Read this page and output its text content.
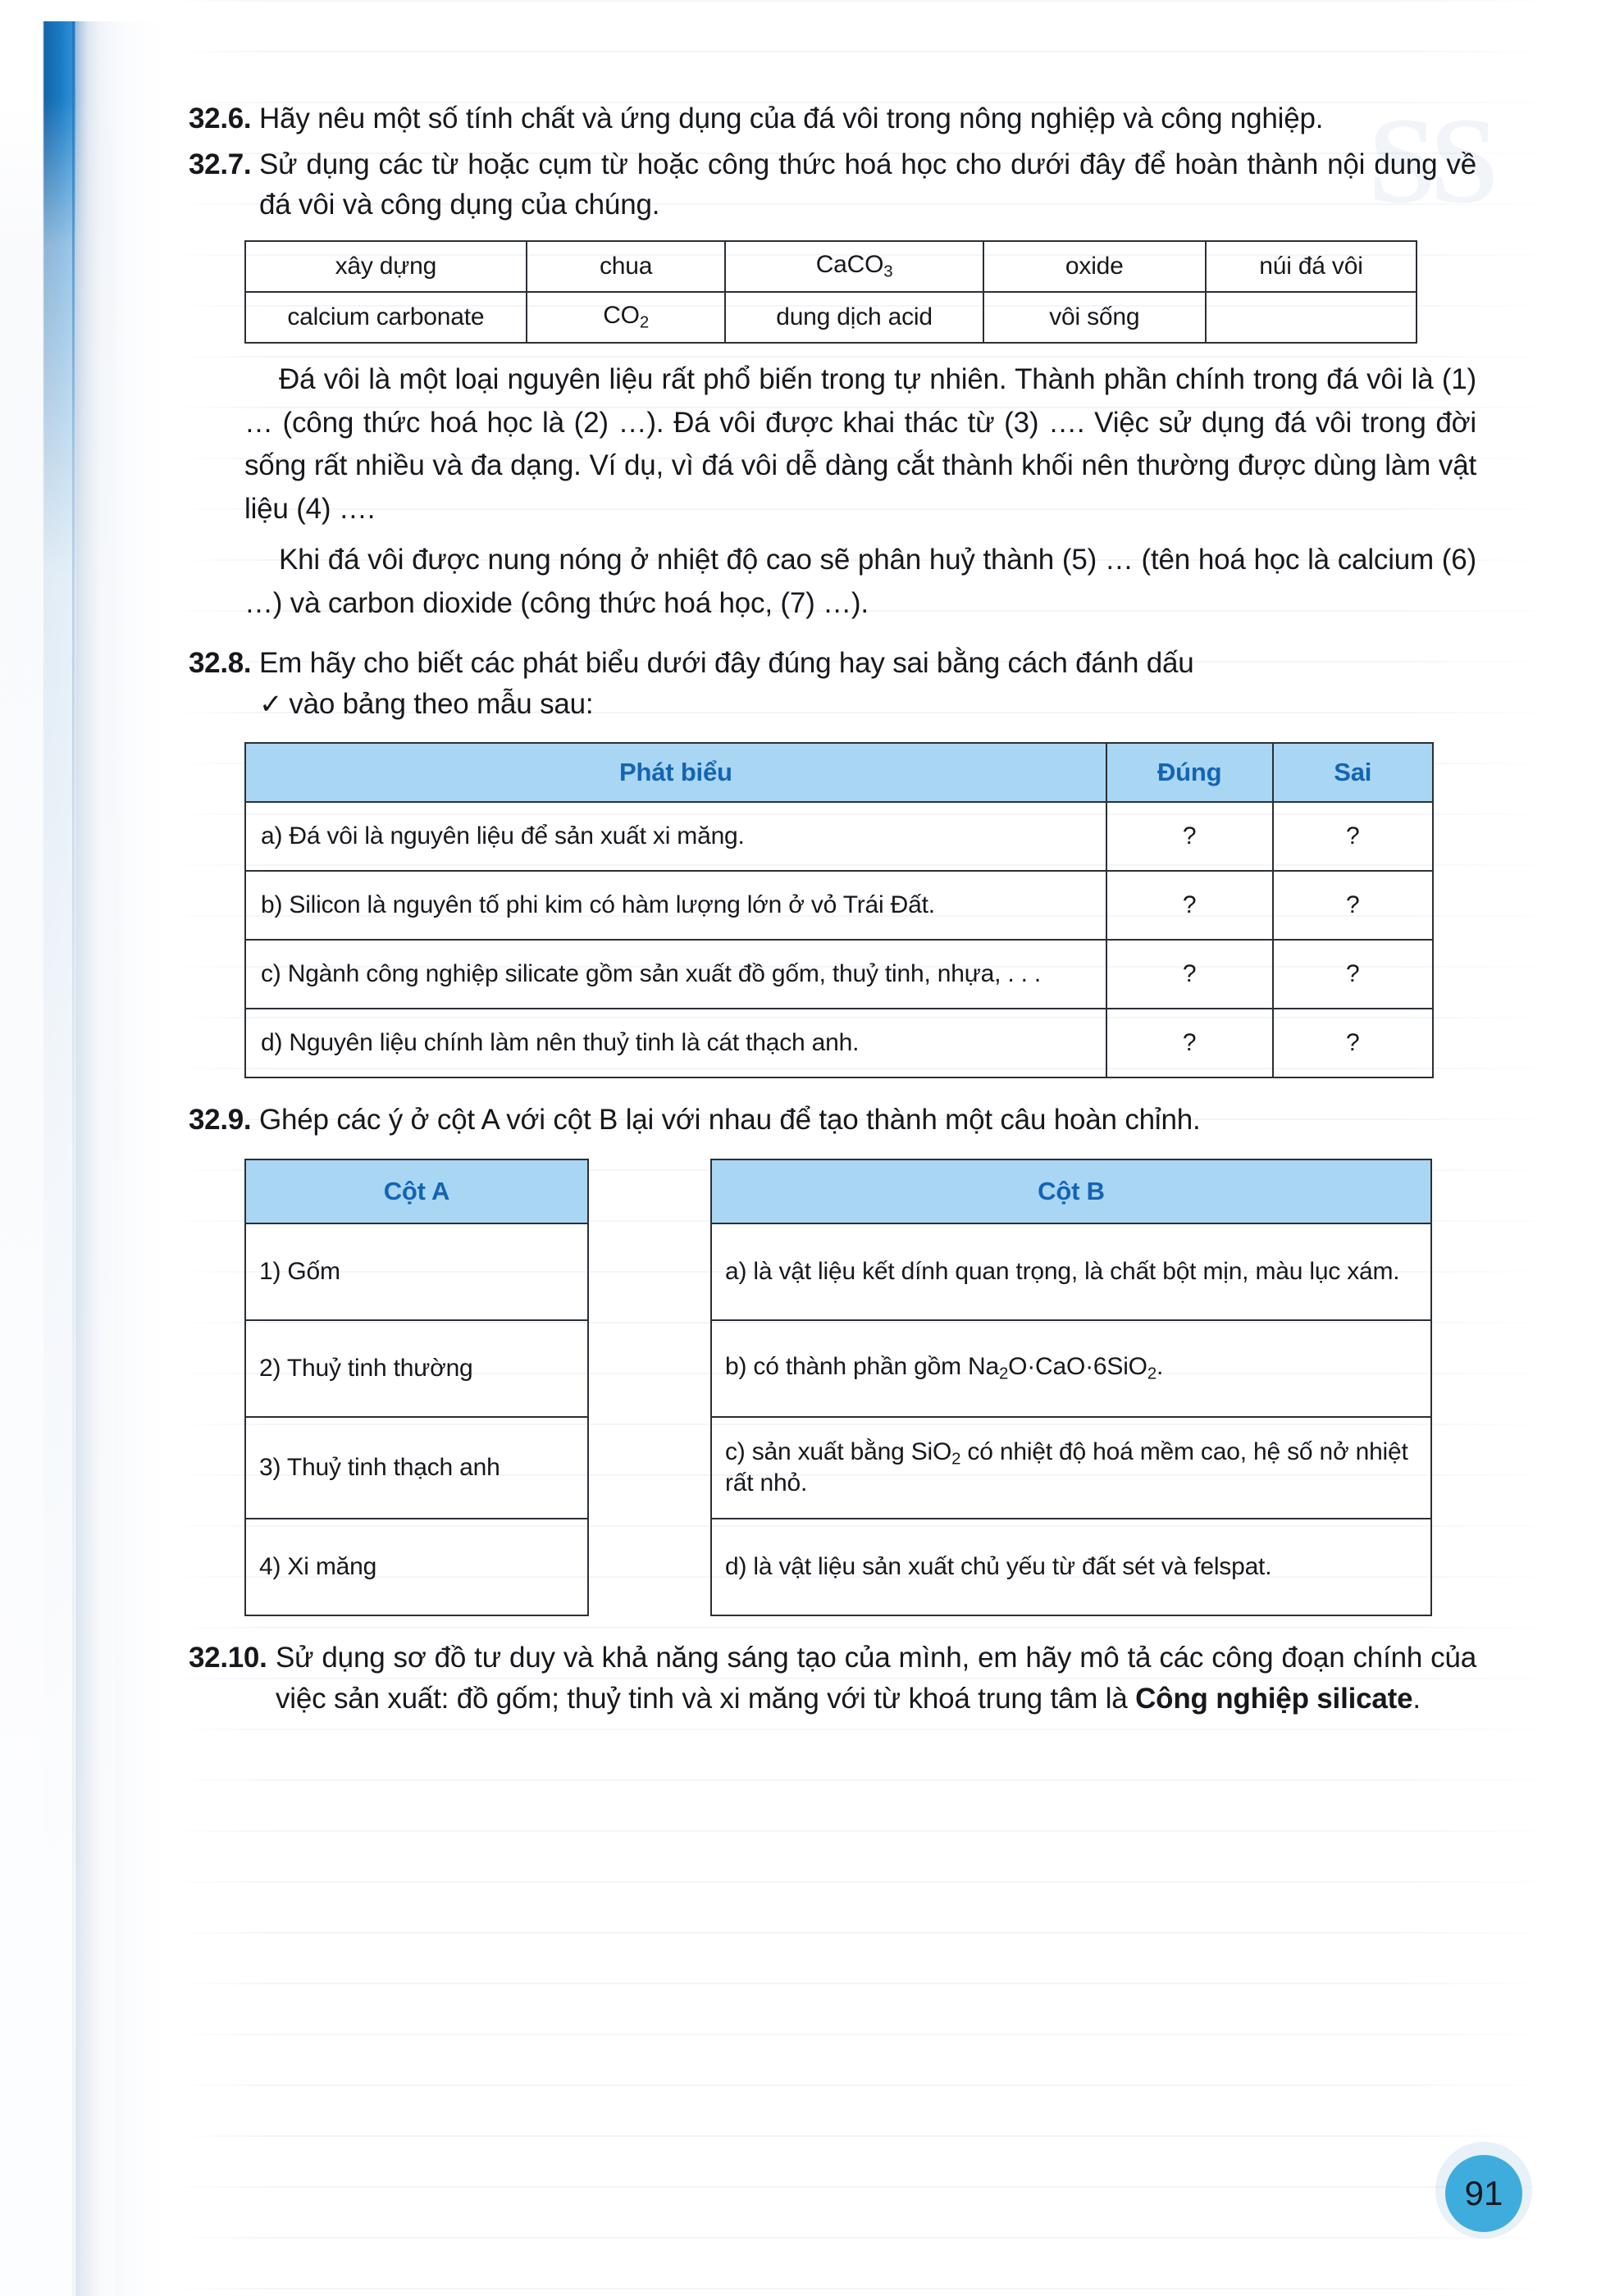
32.6. Hãy nêu một số tính chất và ứng dụng của đá vôi trong nông nghiệp và công nghiệp.
32.7. Sử dụng các từ hoặc cụm từ hoặc công thức hoá học cho dưới đây để hoàn thành nội dung về đá vôi và công dụng của chúng.
xây dựng	chua	CaCO$_3$	oxide	núi đá vôi
calcium carbonate	$CO_2$	dung dịch acid	vôi sống	

Đá vôi là một loại nguyên liệu rất phổ biến trong tự nhiên. Thành phần chính trong đá vôi là (1) … (công thức hoá học là (2) …). Đá vôi được khai thác từ (3) …. Việc sử dụng đá vôi trong đời sống rất nhiều và đa dạng. Ví dụ, vì đá vôi dễ dàng cắt thành khối nên thường được dùng làm vật liệu (4) ….

Khi đá vôi được nung nóng ở nhiệt độ cao sẽ phân huỷ thành (5) … (tên hoá học là calcium (6) …) và carbon dioxide (công thức hoá học, (7) …).

32.8. Em hãy cho biết các phát biểu dưới đây đúng hay sai bằng cách đánh dấu
✓ vào bảng theo mẫu sau:
Phát biểu	Đúng	Sai
a) Đá vôi là nguyên liệu để sản xuất xi măng.	?	?
b) Silicon là nguyên tố phi kim có hàm lượng lớn ở vỏ Trái Đất.	?	?
c) Ngành công nghiệp silicate gồm sản xuất đồ gốm, thuỷ tinh, nhựa, . . .	?	?
d) Nguyên liệu chính làm nên thuỷ tinh là cát thạch anh.	?	?
32.9. Ghép các ý ở cột A với cột B lại với nhau để tạo thành một câu hoàn chỉnh.
Cột A
1) Gốm
2) Thuỷ tinh thường
3) Thuỷ tinh thạch anh
4) Xi măng
Cột B
a) là vật liệu kết dính quan trọng, là chất bột mịn, màu lục xám.
b) có thành phần gồm $Na_2O\cdot CaO\cdot 6SiO_2$.
c) sản xuất bằng SiO$_2$ có nhiệt độ hoá mềm cao, hệ số nở nhiệt rất nhỏ.
d) là vật liệu sản xuất chủ yếu từ đất sét và felspat.
32.10. Sử dụng sơ đồ tư duy và khả năng sáng tạo của mình, em hãy mô tả các công đoạn chính của việc sản xuất: đồ gốm; thuỷ tinh và xi măng với từ khoá trung tâm là Công nghiệp silicate.
91
